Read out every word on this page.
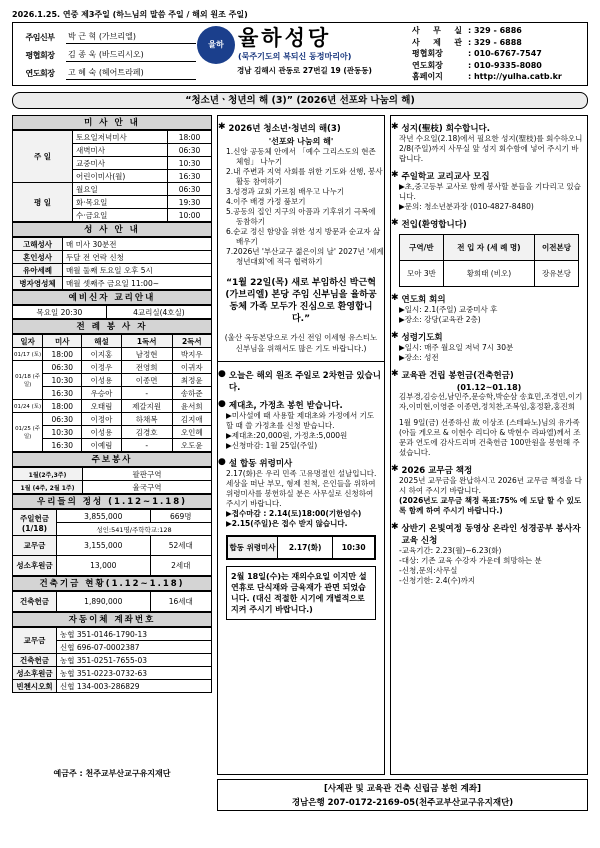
2026.1.25. 연중 제3주일 (하느님의 말씀 주일 / 해외 원조 주일)
주임신부	박 근 혁 (가브리엘)
평협회장	김 종 욱 (바드리시오)
연도회장	고 혜 숙 (헤어트라페)
율하 율하성당
(묵주기도의 복되신 동정마리아)
경남 김해시 관동로 27번길 19 (관동동)
사 무 실 : 329 - 6886
사 제 관 : 329 - 6888
평협회장	: 010-6767-7547
연도회장	: 010-9335-8080
홈페이지	: http://yulha.catb.kr
“청소년ㆍ청년의 해 (3)” (2026년 선포와 나눔의 해)
미 사 안 내
주 일	토요일저녁미사	18:00
	새벽미사	06:30
	교중미사	10:30
	어린이미사(월)	16:30
평 일	월요일	06:30
	화·목요일	19:30
	수·금요일	10:00
성 사 안 내
고해성사	매 미사 30분전
혼인성사	두달 전 연락 신청
유아세례	매월 둘째 토요일 오후 5시
병자영성체	매월 셋째주 금요일 11:00~
예비신자 교리안내
목요일 20:30	4교리실(4호실)
전 례 봉 사 자
일자	미사	해설	1독서	2독서
01/17 (토)	18:00	이지홍	남정현	박지우
01/18 (주일)	06:30	이정우	전영희	이귀자
	10:30	이성용	이종면	최정윤
	16:30	우승아	-	송하준
01/24 (토)	18:00	오태림	제갈지원	윤서희
01/25 (주일)	06:30	이정아	하채복	김지애
	10:30	이성용	김경호	오인혜
	16:30	이예림	-	오도윤
주보봉사
1월(2주,3주)	팔판구역
1월 (4주, 2월 1주)	율국구역
우리들의 정성 (1.12~1.18)
주일헌금 (1/18)	3,855,000	669명
	성인:541명/주학학교:128	
교무금	3,155,000	52세대
성소후원금	13,000	2세대
건축기금 현황(1.12~1.18)
건축헌금	1,890,000	16세대
자동이체 계좌번호
교무금	농협 351-0146-1790-13
	신협 696-07-0002387
건축헌금	농협 351-0251-7655-03
성소후원금	농협 351-0223-0732-63
빈첸시오회	신협 134-003-286829
예금주 : 천주교부산교구유지재단
✱ 2026년 청소년·청년의 해(3)
'선포와 나눔의 해'
1.신앙 공동체 안에서 「예수 그리스도의 현존 체험」 나누기
2.내 주변과 지역 사회를 위한 기도와 선행, 봉사활동 참여하기
3.성경과 교회 가르침 배우고 나누기
4.이주 배경 가정 품보기
5.공동의 집인 지구의 아픔과 기후위기 극복에 동참하기
6.순교 정신 함양을 위한 성지 방문과 순교자 삶 배우기
7.2026년 '부산교구 젊은이의 날' 2027년 '세계청년대회'에 적극 협력하기
“1월 22일(목) 새로 부임하신 박근혁(가브리엘) 본당 주임 신부님을 율하공동체 가족 모두가 진심으로 환영합니다.”
(울산 옥동본당으로 가신 전임 이세형 유스티노 신부님을 위해서도 많은 기도 바랍니다.)
● 오늘은 해외 원조 주일로 2차헌금 있습니다.
● 제대초, 가정초 봉헌 받습니다.
▶미사설에 때 사용할 제대초와 가정에서 기도할 때 쓸 가정초를 신청 받습니다.
▶제대초:20,000원, 가정초:5,000원
▶신청마감: 1월 25일(주일)
● 설 합동 위령미사
2.17(화)은 우리 민족 고유명절인 설날입니다. 세상을 떠난 부모, 형제 친척, 은인들을 위하여 위령미사를 봉헌하실 분은 사무실로 신청하여 주시기 바랍니다.
▶접수마감 : 2.14(토)18:00(기한엄수)
▶2.15(주일)은 접수 받지 않습니다.
합동 위령미사	2.17(화)	10:30
2월 18일(수)는 재의수요일 이지만 설연휴로 단식재와 금육재가 관면 되었습니다. (대신 적절한 시기에 개별적으로 지켜 주시기 바랍니다.)
✱ 성지(聖枝) 회수합니다.
작년 수요일(2.18)에서 필요한 성지(聖枝)를 회수하오니 2/8(주일)까지 사무실 앞 성지 회수함에 넣어 주시기 바랍니다.
✱ 주일학교 교리교사 모집
▶초,중고등부 교사로 함께 봉사할 분들을 기다리고 있습니다.
▶문의: 청소년분과장 (010-4827-8480)
✱ 전입(환영합니다)
구역/반	전 입 자 (세 례 명)	이전본당
모아 3반	황희태 (비오)	장유본당
✱ 연도회 회의
▶일시: 2.1(주일) 교중미사 후
▶장소: 강당(교육관 2층)
✱ 성령기도회
▶일시: 매주 월요일 저녁 7시 30분
▶장소: 성전
✱ 교육관 건립 봉헌금(건축헌금)
(01.12~01.18)
김부경,김승선,남민주,문승학,박순삼 송효민,조경민,이기자,이미현,이영준 이종면,정치찬,조복임,홍정환,홍진희
1월 9일(금) 선종하신 故 이상조 (스테파노)님의 유가족(아들 게오르 & 이현수 리디아 & 박현수 라파엘)께서 조문과 연도에 감사드리며 건축헌금 100만원을 봉헌해 주셨습니다.
✱ 2026 교무금 책정
2025년 교무금을 완납하시고 2026년 교무금 책정을 다시 하여 주시기 바랍니다.
(2026년도 교무금 책정 목표:75% 에 도달 할 수 있도록 함께 하여 주시기 바랍니다.)
✱ 상반기 온빛여정 동영상 온라인 성경공부 봉사자 교육 신청
-교육기간: 2.23(월)~6.23(화)
-대상: 기존 교육 수강자 가운데 희망하는 분
-신청,문의:사무실
-신청기한: 2.4(수)까지
[사제관 및 교육관 건축 신립금 봉헌 계좌]
경남은행 207-0172-2169-05(천주교부산교구유지재단)
